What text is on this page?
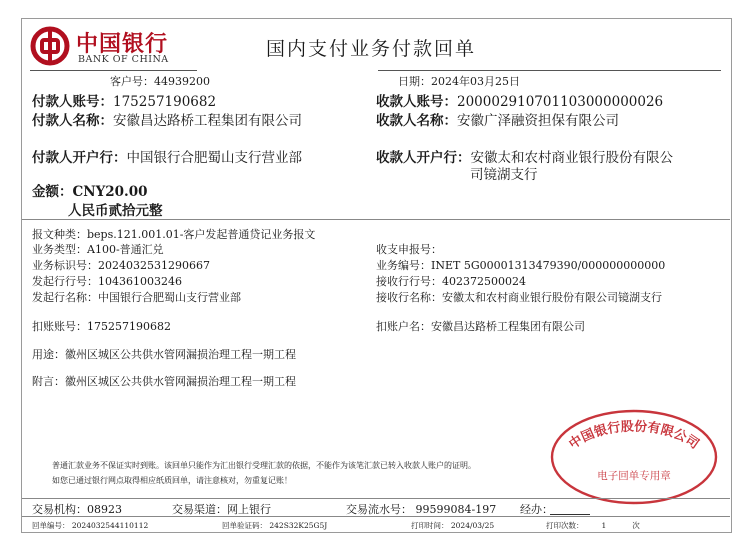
中国银行
BANK OF CHINA	国内支付业务付款回单
客户号：44939200	日期：2024年03月25日
付款人账号：175257190682
付款人名称：安徽昌达路桥工程集团有限公司
付款人开户行：中国银行合肥蜀山支行营业部
收款人账号：200002910701103000000026
收款人名称：安徽广泽融资担保有限公司
收款人开户行：安徽太和农村商业银行股份有限公
司镜湖支行
金额：CNY20.00
人民币贰拾元整
报文种类：beps.121.001.01-客户发起普通贷记业务报文
业务类型：A100-普通汇兑
业务标识号：2024032531290667
发起行行号：104361003246
发起行名称：中国银行合肥蜀山支行营业部
扣账账号：175257190682
用途：徽州区城区公共供水管网漏损治理工程一期工程
附言：徽州区城区公共供水管网漏损治理工程一期工程
收支申报号：
业务编号：INET 5G00001313479390/000000000000
接收行行号：402372500024
接收行名称：安徽太和农村商业银行股份有限公司镜湖支行
扣账户名：安徽昌达路桥工程集团有限公司
普通汇款业务不保证实时到账。该回单只能作为汇出银行受理汇款的依据，不能作为该笔汇款已转入收款人账户的证明。
如您已通过银行网点取得相应纸质回单，请注意核对，勿重复记账！
中国银行股份有限公司
电子回单专用章
交易机构：08923	交易渠道：网上银行	交易流水号： 99599084-197 经办：
回单编号： 2024032544110112	回单验证码： 242S32K25G5J	打印时间： 2024/03/25	打印次数： 1	次
